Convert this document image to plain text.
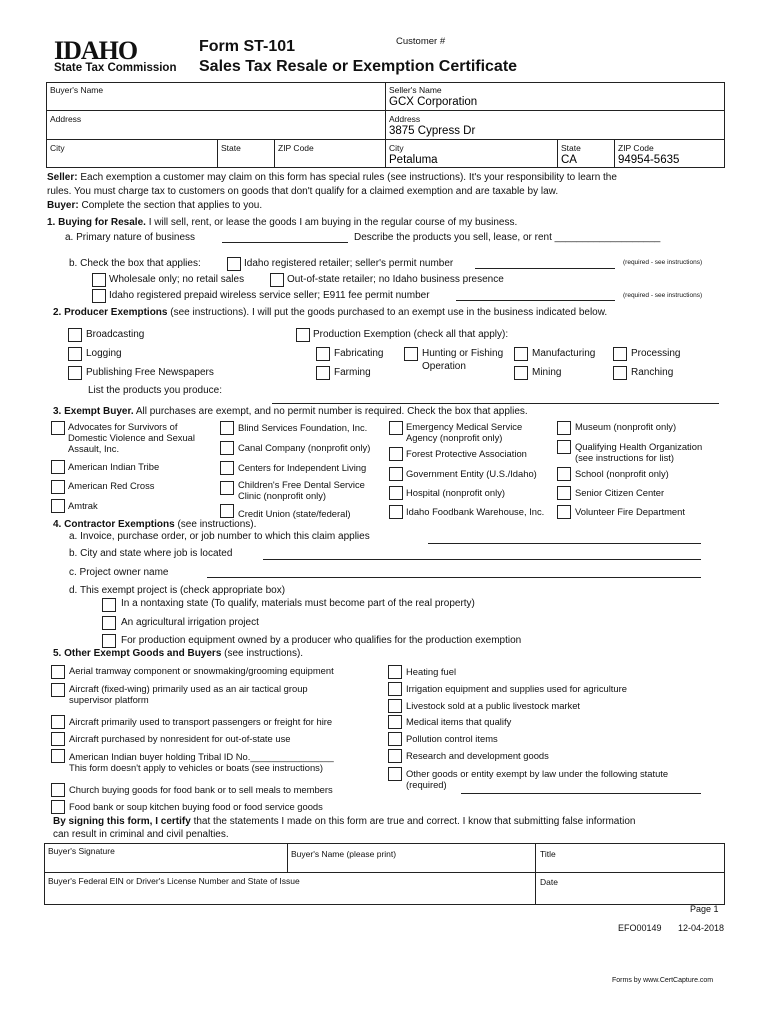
IDAHO
State Tax Commission
Form ST-101
Sales Tax Resale or Exemption Certificate
Customer #
Buyer's Name
Address
City	State	ZIP Code
Seller's Name
GCX Corporation
Address
3875 Cypress Dr
City
Petaluma
State
CA
ZIP Code
94954-5635
Seller: Each exemption a customer may claim on this form has special rules (see instructions). It's your responsibility to learn the
rules. You must charge tax to customers on goods that don't qualify for a claimed exemption and are taxable by law.
Buyer: Complete the section that applies to you.
1. Buying for Resale. I will sell, rent, or lease the goods I am buying in the regular course of my business.
a. Primary nature of business	Describe the products you sell, lease, or rent ___________________
b. Check the box that applies:	Idaho registered retailer; seller's permit number	(required - see instructions)
Wholesale only; no retail sales	Out-of-state retailer; no Idaho business presence
Idaho registered prepaid wireless service seller; E911 fee permit number	(required - see instructions)
2. Producer Exemptions (see instructions). I will put the goods purchased to an exempt use in the business indicated below.
Broadcasting	Production Exemption (check all that apply):
Logging
Publishing Free Newspapers
Fabricating
Farming
Hunting or Fishing
Operation
Manufacturing
Mining
Processing
Ranching
List the products you produce:
3. Exempt Buyer. All purchases are exempt, and no permit number is required. Check the box that applies.
Advocates for Survivors of
Domestic Violence and Sexual
Assault, Inc.
American Indian Tribe
American Red Cross
Amtrak
Blind Services Foundation, Inc.
Canal Company (nonprofit only)
Centers for Independent Living
Children's Free Dental Service
Clinic (nonprofit only)
Credit Union (state/federal)
Emergency Medical Service
Agency (nonprofit only)
Forest Protective Association
Government Entity (U.S./Idaho)
Hospital (nonprofit only)
Idaho Foodbank Warehouse, Inc.
Museum (nonprofit only)
Qualifying Health Organization
(see instructions for list)
School (nonprofit only)
Senior Citizen Center
Volunteer Fire Department
4. Contractor Exemptions (see instructions).
a. Invoice, purchase order, or job number to which this claim applies
b. City and state where job is located
c. Project owner name
d. This exempt project is (check appropriate box)
In a nontaxing state (To qualify, materials must become part of the real property)
An agricultural irrigation project
For production equipment owned by a producer who qualifies for the production exemption
5. Other Exempt Goods and Buyers (see instructions).
Aerial tramway component or snowmaking/grooming equipment
Aircraft (fixed-wing) primarily used as an air tactical group
supervisor platform
Aircraft primarily used to transport passengers or freight for hire
Aircraft purchased by nonresident for out-of-state use
American Indian buyer holding Tribal ID No.________________
This form doesn't apply to vehicles or boats (see instructions)
Church buying goods for food bank or to sell meals to members
Food bank or soup kitchen buying food or food service goods
Heating fuel
Irrigation equipment and supplies used for agriculture
Livestock sold at a public livestock market
Medical items that qualify
Pollution control items
Research and development goods
Other goods or entity exempt by law under the following statute
(required)
By signing this form, I certify that the statements I made on this form are true and correct. I know that submitting false information
can result in criminal and civil penalties.
Buyer's Signature	Buyer's Name (please print)	Title
Buyer's Federal EIN or Driver's License Number and State of Issue	Date
Page 1
EFO00149 12-04-2018
Forms by www.CertCapture.com
